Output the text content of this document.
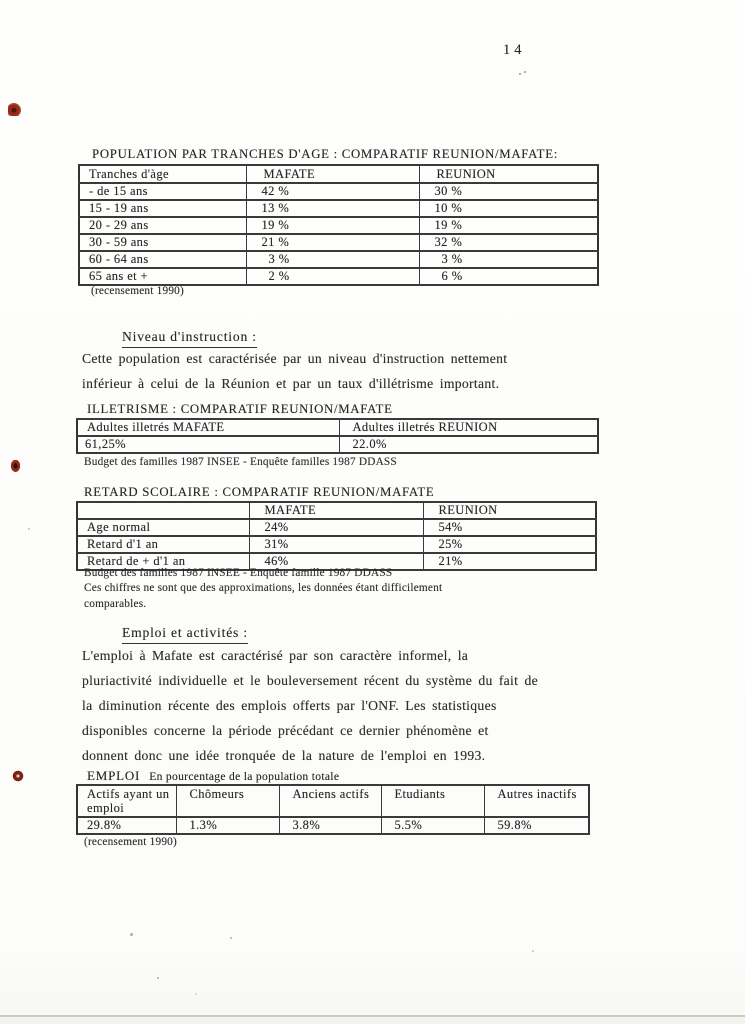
14
POPULATION PAR TRANCHES D'AGE : COMPARATIF REUNION/MAFATE:
Tranches d'àge	MAFATE	REUNION
- de 15 ans	42 %	30 %
15 - 19 ans	13 %	10 %
20 - 29 ans	19 %	19 %
30 - 59 ans	21 %	32 %
60 - 64 ans	3 %	3 %
65 ans et +	2 %	6 %
(recensement 1990)
Niveau d'instruction :
Cette population est caractérisée par un niveau d'instruction nettement
inférieur à celui de la Réunion et par un taux d'illétrisme important.
ILLETRISME : COMPARATIF REUNION/MAFATE
Adultes illetrés MAFATE	Adultes illetrés REUNION
61,25%	22.0%
Budget des familles 1987 INSEE - Enquête familles 1987 DDASS
RETARD SCOLAIRE : COMPARATIF REUNION/MAFATE
	MAFATE	REUNION
Age normal	24%	54%
Retard d'1 an	31%	25%
Retard de + d'1 an	46%	21%
Budget des familles 1987 INSEE - Enquête famille 1987 DDASS
Ces chiffres ne sont que des approximations, les données étant difficilement
comparables.
Emploi et activités :
L'emploi à Mafate est caractérisé par son caractère informel, la
pluriactivité individuelle et le bouleversement récent du système du fait de
la diminution récente des emplois offerts par l'ONF. Les statistiques
disponibles concerne la période précédant ce dernier phénomène et
donnent donc une idée tronquée de la nature de l'emploi en 1993.
EMPLOI En pourcentage de la population totale
Actifs ayant un emploi	Chômeurs	Anciens actifs	Etudiants	Autres inactifs
29.8%	1.3%	3.8%	5.5%	59.8%
(recensement 1990)
